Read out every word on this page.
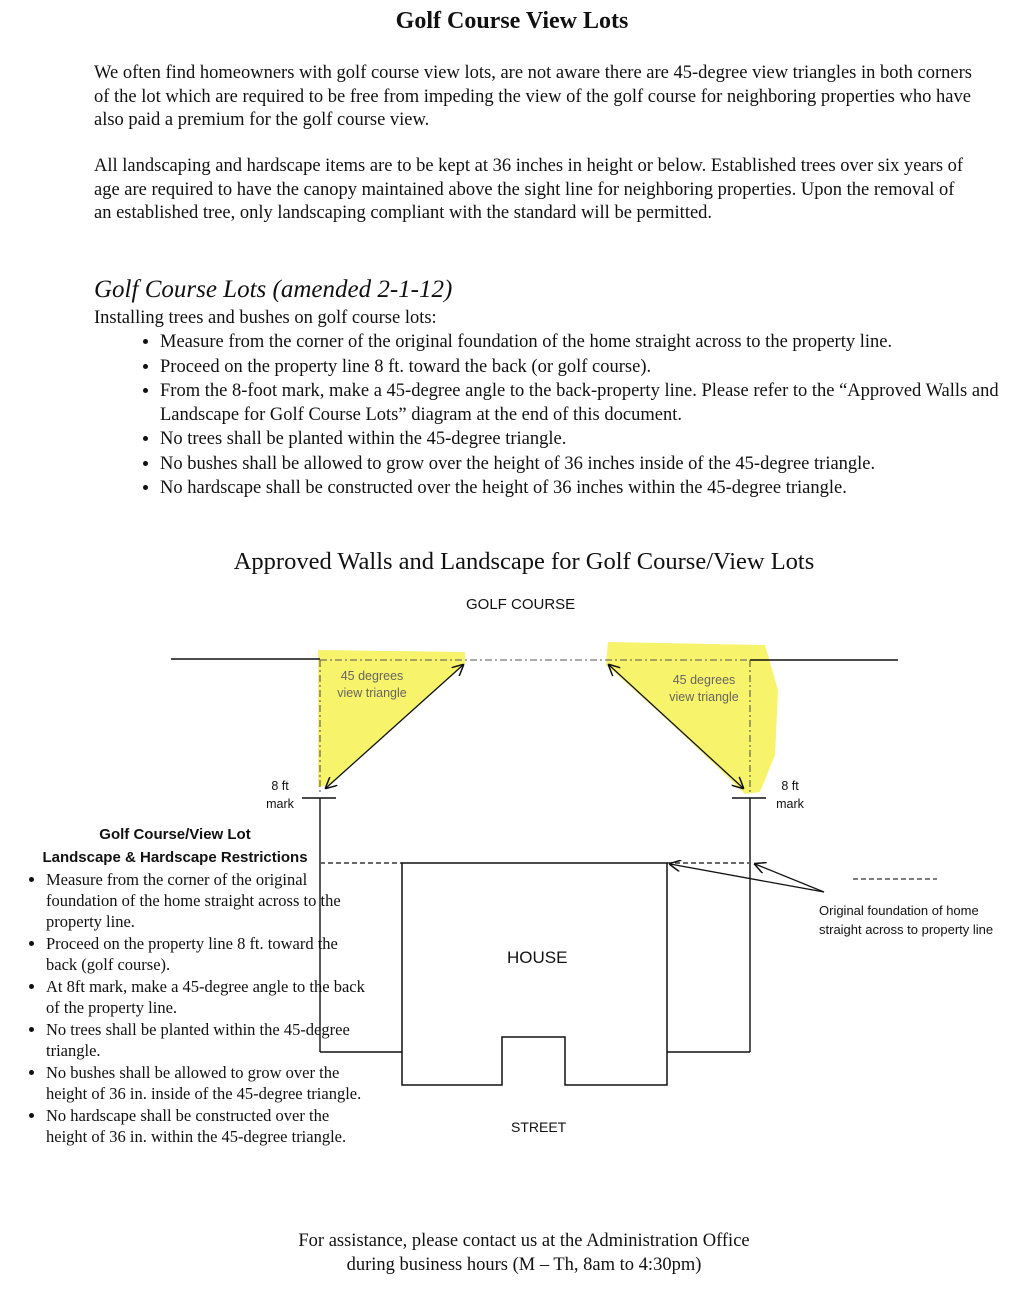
Golf Course View Lots

We often find homeowners with golf course view lots, are not aware there are 45-degree view triangles in both corners of the lot which are required to be free from impeding the view of the golf course for neighboring properties who have also paid a premium for the golf course view.

All landscaping and hardscape items are to be kept at 36 inches in height or below. Established trees over six years of age are required to have the canopy maintained above the sight line for neighboring properties. Upon the removal of an established tree, only landscaping compliant with the standard will be permitted.

Golf Course Lots (amended 2-1-12)
Installing trees and bushes on golf course lots:
• Measure from the corner of the original foundation of the home straight across to the property line.
• Proceed on the property line 8 ft. toward the back (or golf course).
• From the 8-foot mark, make a 45-degree angle to the back-property line. Please refer to the “Approved Walls and Landscape for Golf Course Lots” diagram at the end of this document.
• No trees shall be planted within the 45-degree triangle.
• No bushes shall be allowed to grow over the height of 36 inches inside of the 45-degree triangle.
• No hardscape shall be constructed over the height of 36 inches within the 45-degree triangle.
Approved Walls and Landscape for Golf Course/View Lots
GOLF COURSE
45 degrees view triangle
45 degrees view triangle
8 ft mark
8 ft mark
HOUSE
STREET
Original foundation of home straight across to property line
Golf Course/View Lot
Landscape & Hardscape Restrictions
• Measure from the corner of the original foundation of the home straight across to the property line.
• Proceed on the property line 8 ft. toward the back (golf course).
• At 8ft mark, make a 45-degree angle to the back of the property line.
• No trees shall be planted within the 45-degree triangle.
• No bushes shall be allowed to grow over the height of 36 in. inside of the 45-degree triangle.
• No hardscape shall be constructed over the height of 36 in. within the 45-degree triangle.
For assistance, please contact us at the Administration Office
during business hours (M – Th, 8am to 4:30pm)
